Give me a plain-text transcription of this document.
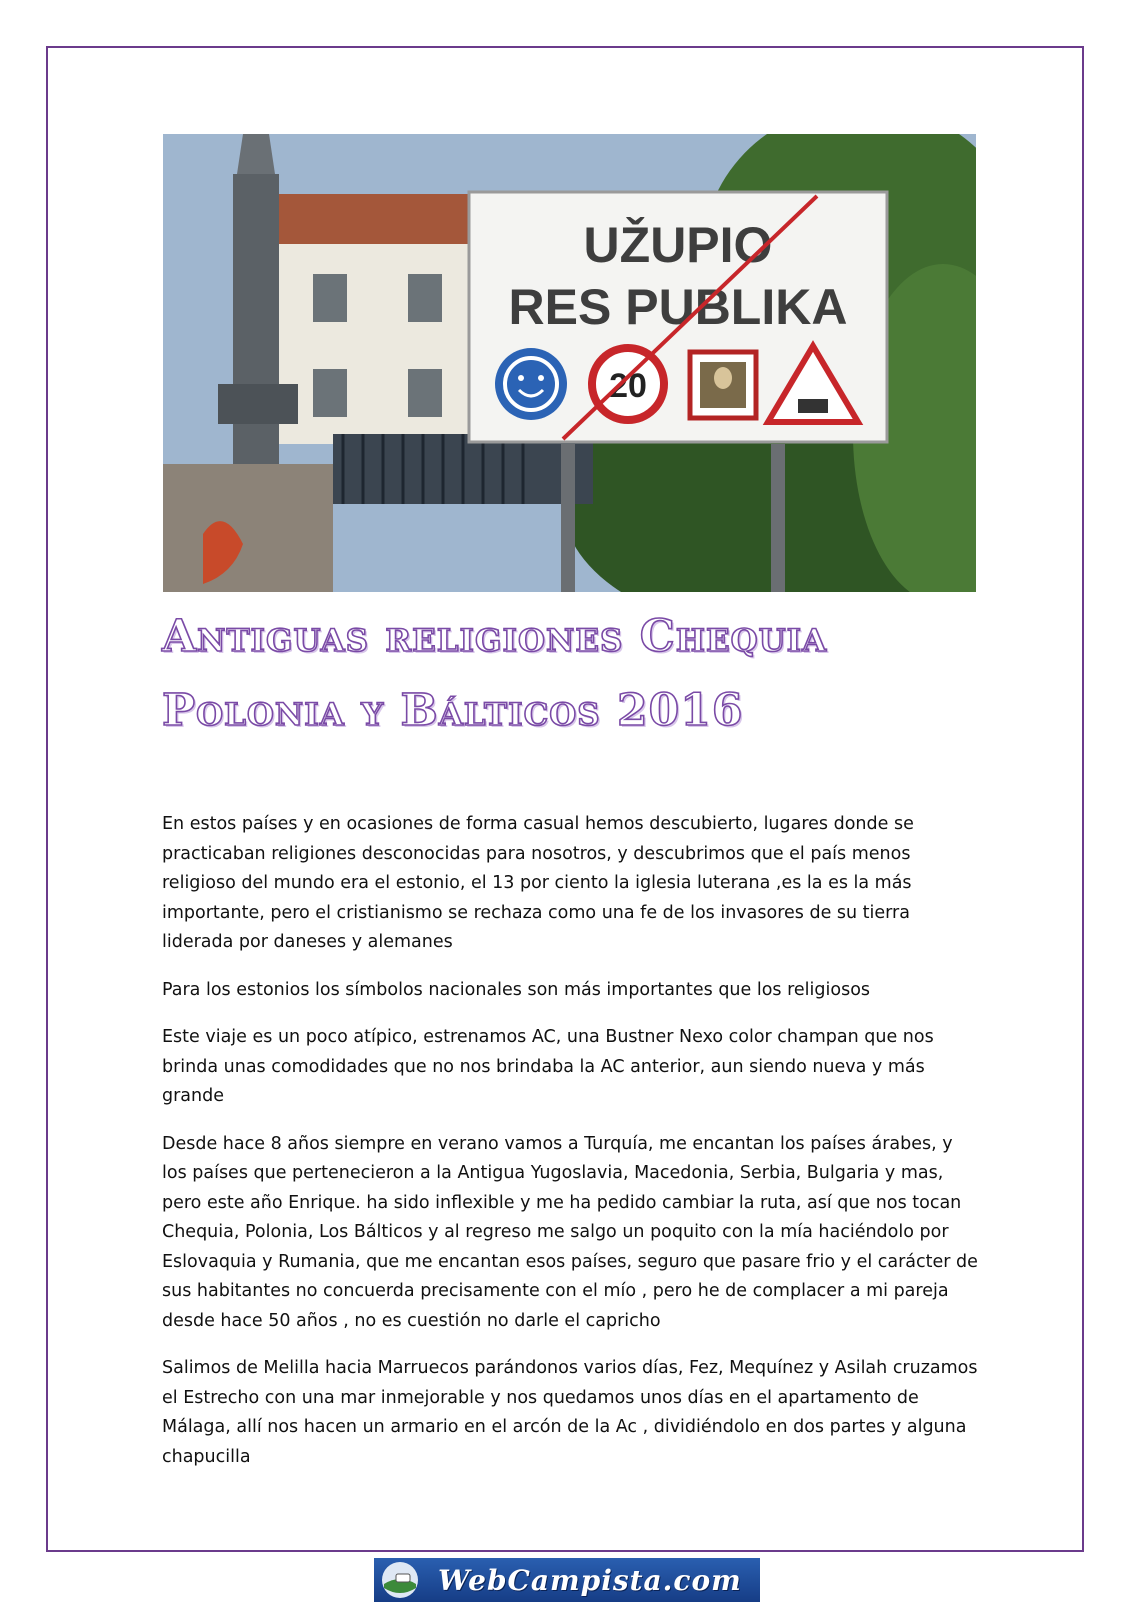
UŽUPIO
RES PUBLIKA
20
Antiguas religiones Chequia
Polonia y Bálticos 2016

En estos países y en ocasiones de forma casual hemos descubierto, lugares donde se practicaban religiones desconocidas para nosotros, y descubrimos que el país menos religioso del mundo era el estonio, el 13 por ciento la iglesia luterana ,es la es la más importante, pero el cristianismo se rechaza como una fe de los invasores de su tierra liderada por daneses y alemanes

Para los estonios los símbolos nacionales son más importantes que los religiosos

Este viaje es un poco atípico, estrenamos AC, una Bustner Nexo color champan que nos brinda unas comodidades que no nos brindaba la AC anterior, aun siendo nueva y más grande

Desde hace 8 años siempre en verano vamos a Turquía, me encantan los países árabes, y los países que pertenecieron a la Antigua Yugoslavia, Macedonia, Serbia, Bulgaria y mas, pero este año Enrique. ha sido inflexible y me ha pedido cambiar la ruta, así que nos tocan Chequia, Polonia, Los Bálticos y al regreso me salgo un poquito con la mía haciéndolo por Eslovaquia y Rumania, que me encantan esos países, seguro que pasare frio y el carácter de sus habitantes no concuerda precisamente con el mío , pero he de complacer a mi pareja desde hace 50 años , no es cuestión no darle el capricho

Salimos de Melilla hacia Marruecos parándonos varios días, Fez, Mequínez y Asilah cruzamos el Estrecho con una mar inmejorable y nos quedamos unos días en el apartamento de Málaga, allí nos hacen un armario en el arcón de la Ac , dividiéndolo en dos partes y alguna chapucilla

WebCampista.com
